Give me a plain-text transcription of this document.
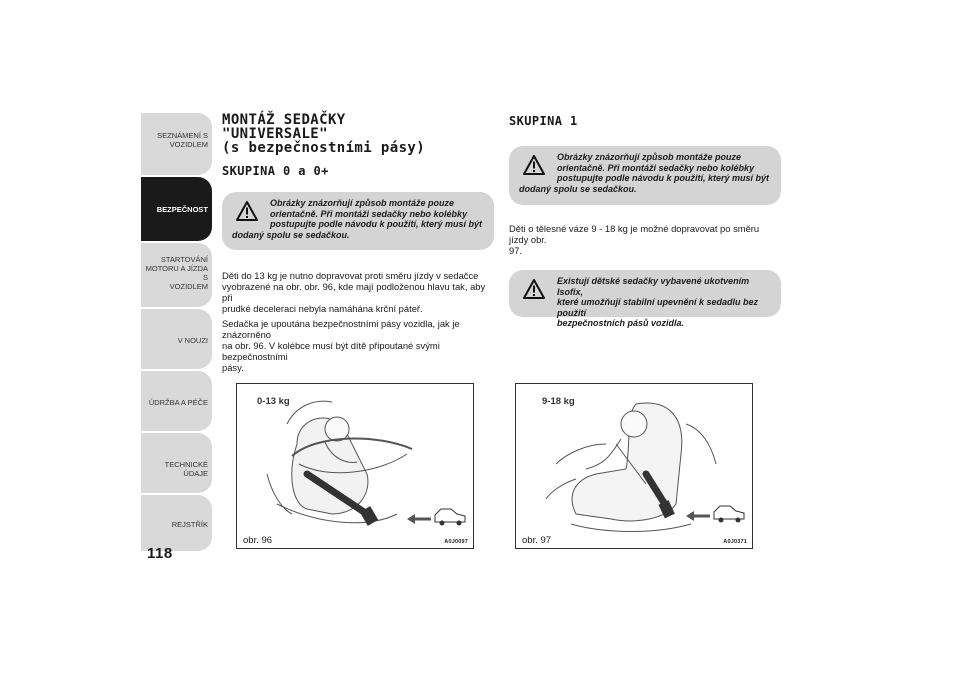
SEZNÁMENÍ S
VOZIDLEM
BEZPEČNOST
STARTOVÁNÍ
MOTORU A JÍZDA S
VOZIDLEM
V NOUZI
ÚDRŽBA A PÉČE
TECHNICKÉ ÚDAJE
REJSTŘÍK
118
MONTÁŽ SEDAČKY
"UNIVERSALE"
(s bezpečnostními pásy)
SKUPINA 0 a 0+
Obrázky znázorňují způsob montáže pouze
orientačně. Při montáži sedačky nebo kolébky
postupujte podle návodu k použití, který musí být
dodaný spolu se sedačkou.

Děti do 13 kg je nutno dopravovat proti směru jízdy v sedačce

vyobrazené na obr. obr. 96, kde mají podloženou hlavu tak, aby při

prudké deceleraci nebyla namáhána krční páteř.

Sedačka je upoutána bezpečnostními pásy vozidla, jak je znázorněno

na obr. 96. V kolébce musí být dítě připoutané svými bezpečnostními

pásy.

0-13 kg
obr. 96	A0J0097
SKUPINA 1
Obrázky znázorňují způsob montáže pouze
orientačně. Při montáži sedačky nebo kolébky
postupujte podle návodu k použití, který musí být
dodaný spolu se sedačkou.

Děti o tělesné váze 9 - 18 kg je možné dopravovat po směru jízdy obr.

97.

Existují dětské sedačky vybavené ukotvením Isofix,
které umožňují stabilní upevnění k sedadlu bez použití
bezpečnostních pásů vozidla.
9-18 kg
obr. 97	A0J0371
